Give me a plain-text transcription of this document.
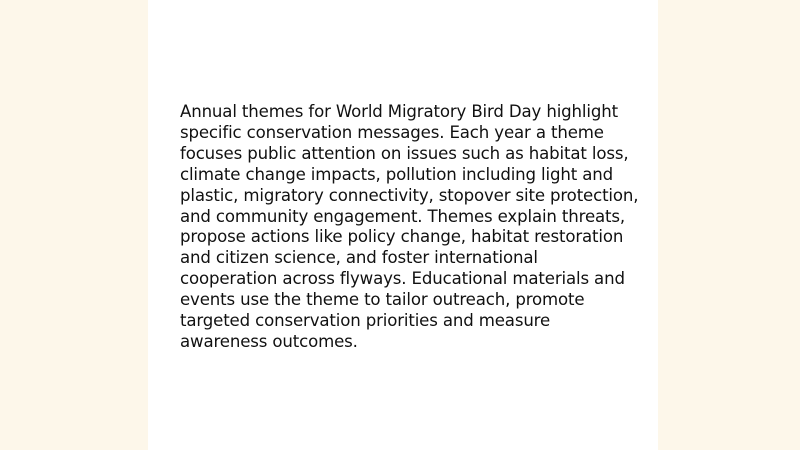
Annual themes for World Migratory Bird Day highlight specific conservation messages. Each year a theme focuses public attention on issues such as habitat loss, climate change impacts, pollution including light and plastic, migratory connectivity, stopover site protection, and community engagement. Themes explain threats, propose actions like policy change, habitat restoration and citizen science, and foster international cooperation across flyways. Educational materials and events use the theme to tailor outreach, promote targeted conservation priorities and measure awareness outcomes.
